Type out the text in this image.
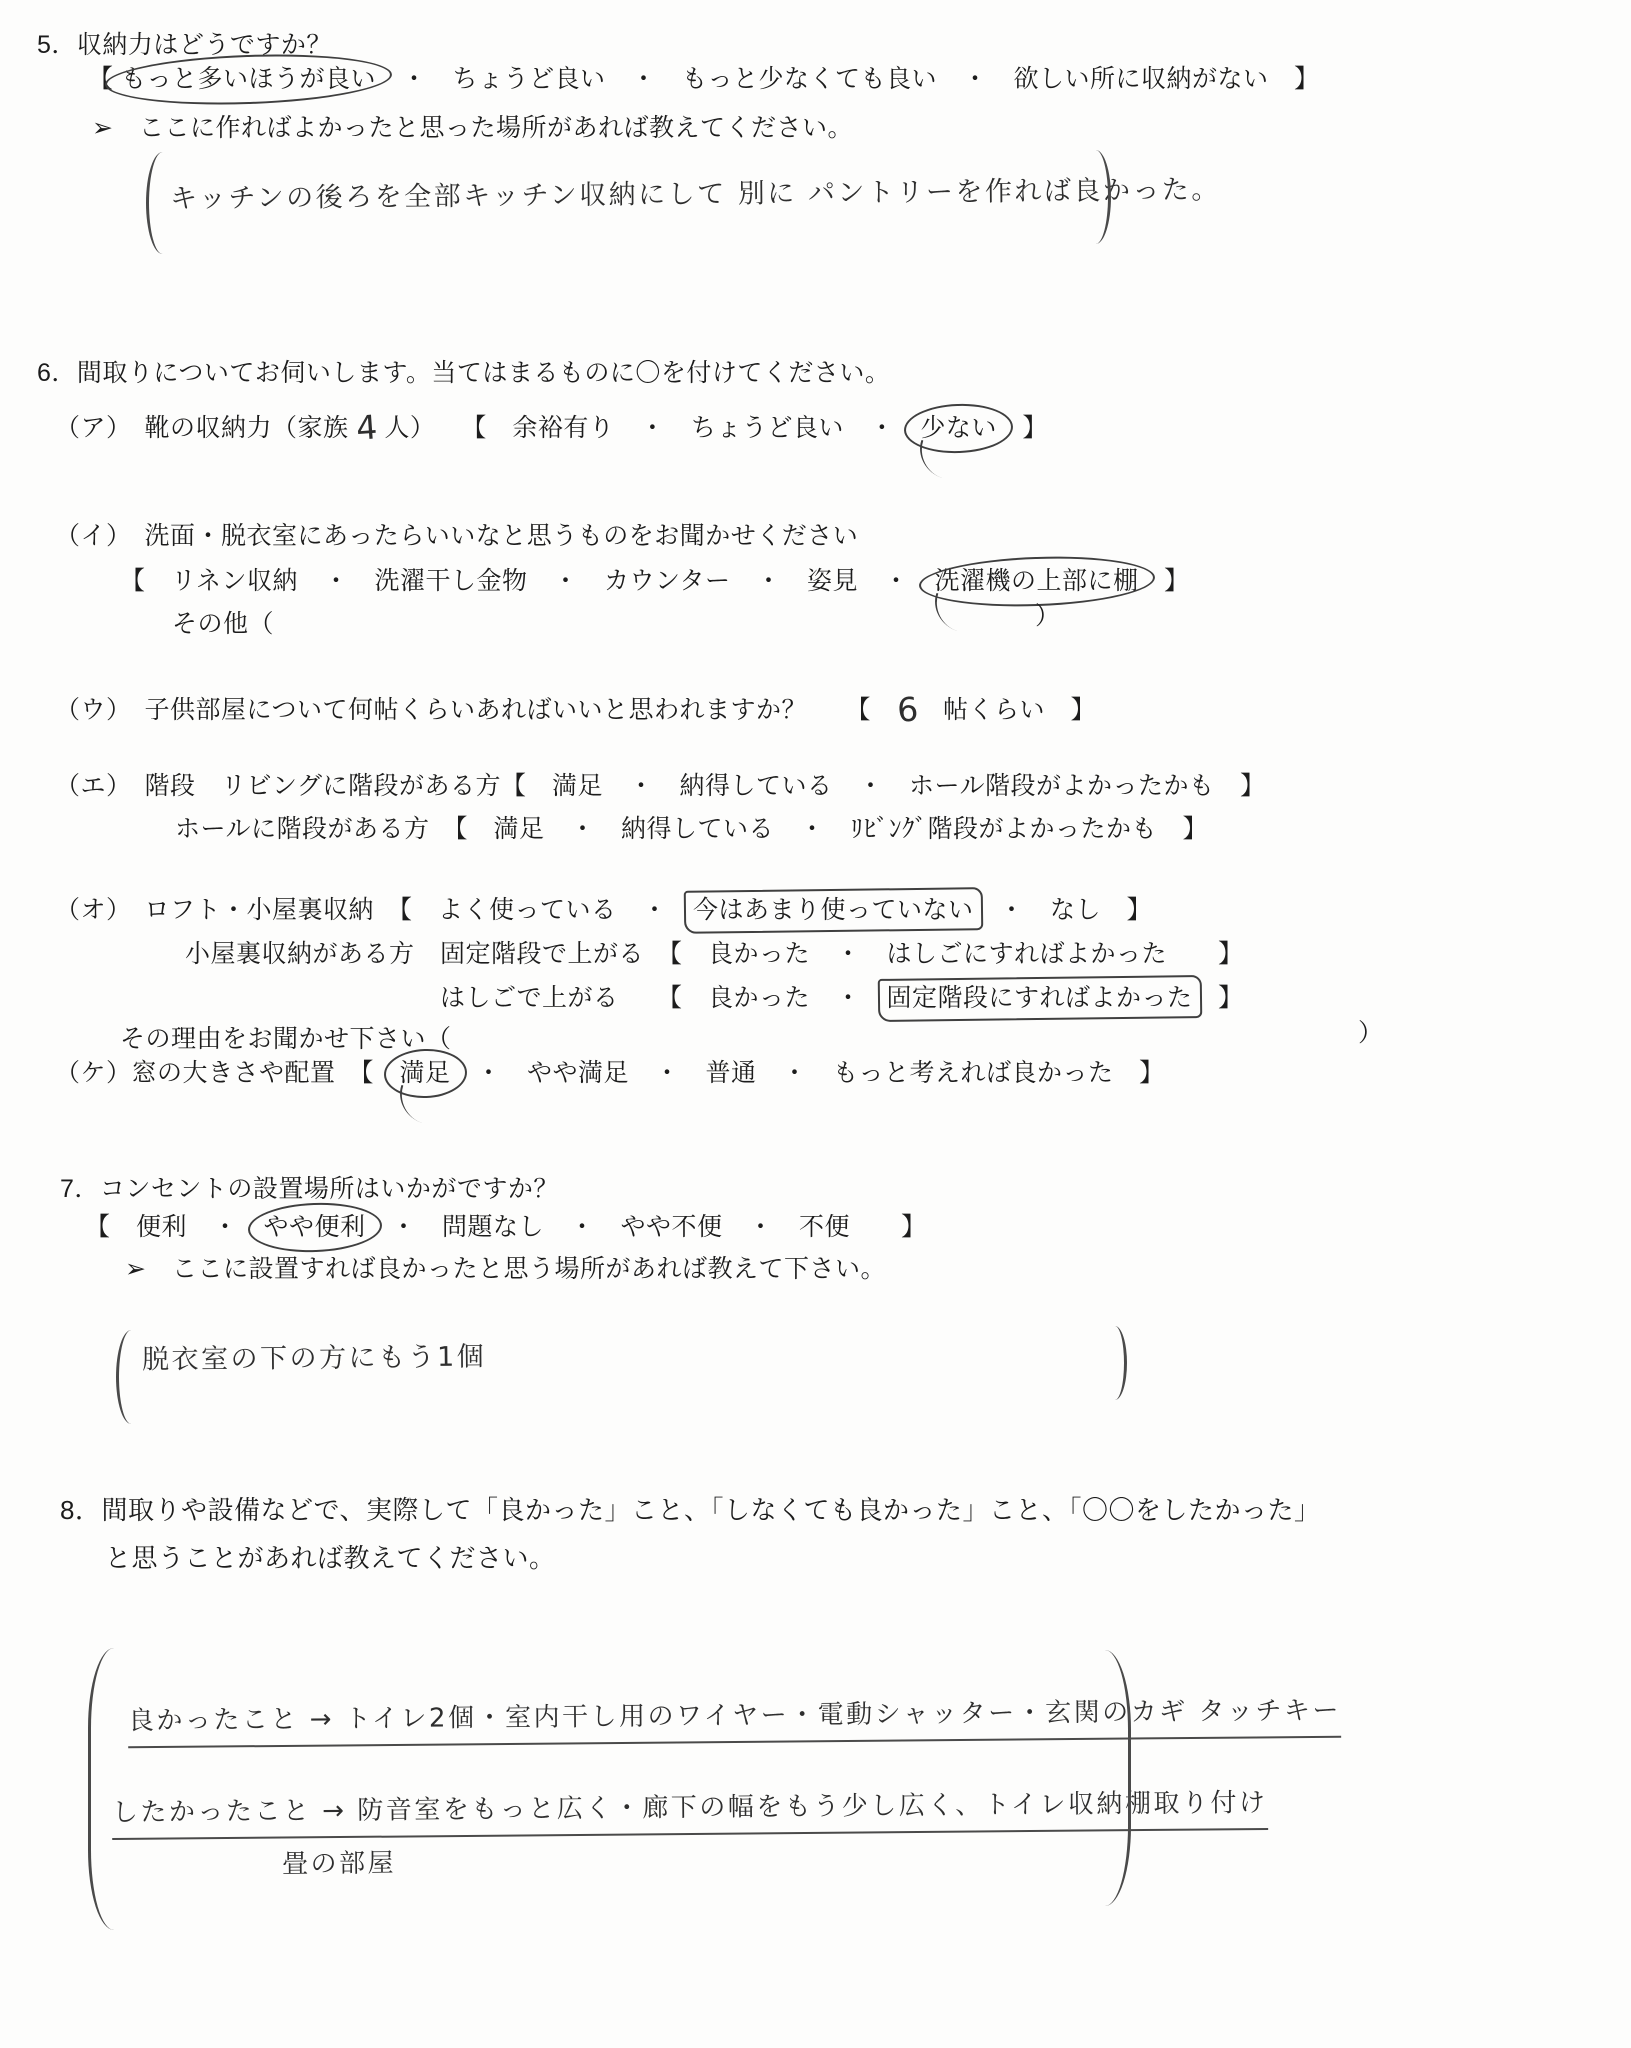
5．収納力はどうですか？
【 もっと多いほうが良い　・　ちょうど良い　・　もっと少なくても良い　・　欲しい所に収納がない　】
➢　ここに作ればよかったと思った場所があれば教えてください。
キッチンの後ろを全部キッチン収納にして 別に パントリーを作れば良かった。
6．間取りについてお伺いします。当てはまるものに〇を付けてください。
（ア）　靴の収納力（家族 4 人）　　【　余裕有り　・　ちょうど良い　・　少ない　】
（イ）　洗面・脱衣室にあったらいいなと思うものをお聞かせください
【　リネン収納　・　洗濯干し金物　・　カウンター　・　姿見　・　洗濯機の上部に棚　】
その他（	）
（ウ）　子供部屋について何帖くらいあればいいと思われますか？　　【　6　帖くらい　】
（エ）　階段　リビングに階段がある方【　満足　・　納得している　・　ホール階段がよかったかも　】
ホールに階段がある方　【　満足　・　納得している　・　ﾘﾋﾞﾝｸﾞ階段がよかったかも　】
（オ）　ロフト・小屋裏収納　【　よく使っている　・　今はあまり使っていない　・　なし　】
小屋裏収納がある方　固定階段で上がる　【　良かった　・　はしごにすればよかった　　】
はしごで上がる　　【　良かった　・　固定階段にすればよかった　】
その理由をお聞かせ下さい（	）
（ケ）窓の大きさや配置　【　満足　・　やや満足　・　普通　・　もっと考えれば良かった　】
7．コンセントの設置場所はいかがですか？
【　便利　・　やや便利　・　問題なし　・　やや不便　・　不便　　】
➢　ここに設置すれば良かったと思う場所があれば教えて下さい。
脱衣室の下の方にもう1個
8．間取りや設備などで、実際して「良かった」こと、「しなくても良かった」こと、「〇〇をしたかった」
と思うことがあれば教えてください。
良かったこと → トイレ2個・室内干し用のワイヤー・電動シャッター・玄関のカギ タッチキー
したかったこと → 防音室をもっと広く・廊下の幅をもう少し広く、トイレ収納棚取り付け
畳の部屋
